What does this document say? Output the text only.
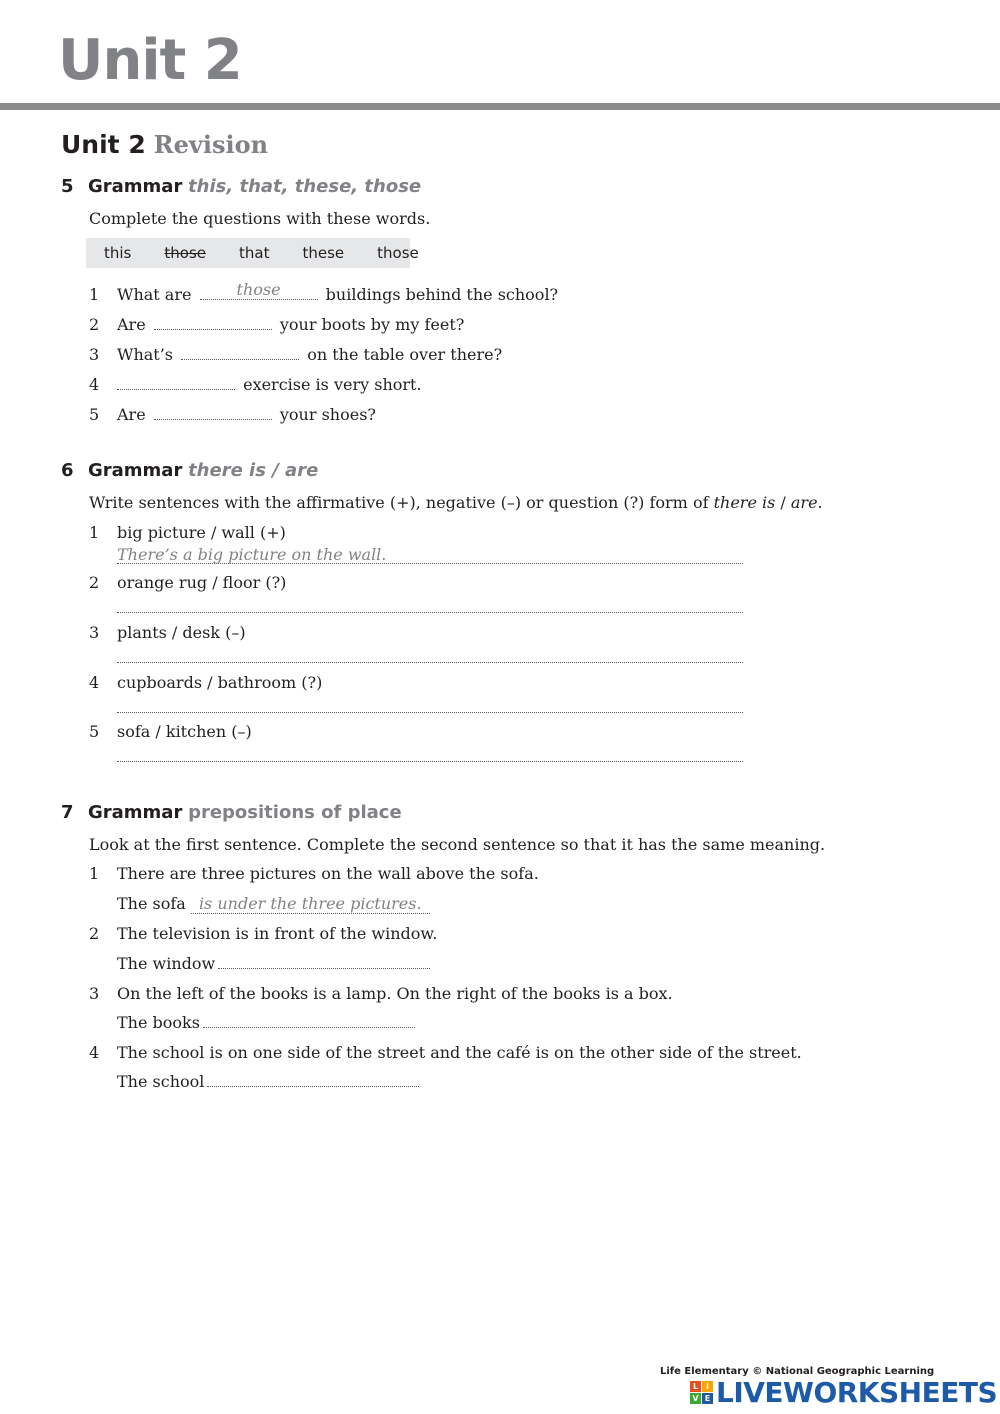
Unit 2
Unit 2 Revision
5 Grammar this, that, these, those
Complete the questions with these words.
this those that these those
1 What are	those	buildings behind the school?
2 Are	your boots by my feet?
3 What’s	on the table over there?
4	exercise is very short.
5 Are	your shoes?
6 Grammar there is / are
Write sentences with the affirmative (+), negative (–) or question (?) form of there is / are.
1 big picture / wall (+)
There’s a big picture on the wall.
2 orange rug / floor (?)
3 plants / desk (–)
4 cupboards / bathroom (?)
5 sofa / kitchen (–)
7 Grammar prepositions of place
Look at the first sentence. Complete the second sentence so that it has the same meaning.
1 There are three pictures on the wall above the sofa.
The sofa is under the three pictures.
2 The television is in front of the window.
The window
3 On the left of the books is a lamp. On the right of the books is a box.
The books
4 The school is on one side of the street and the café is on the other side of the street.
The school
Life Elementary © National Geographic Learning
L I
V E LIVEWORKSHEETS
